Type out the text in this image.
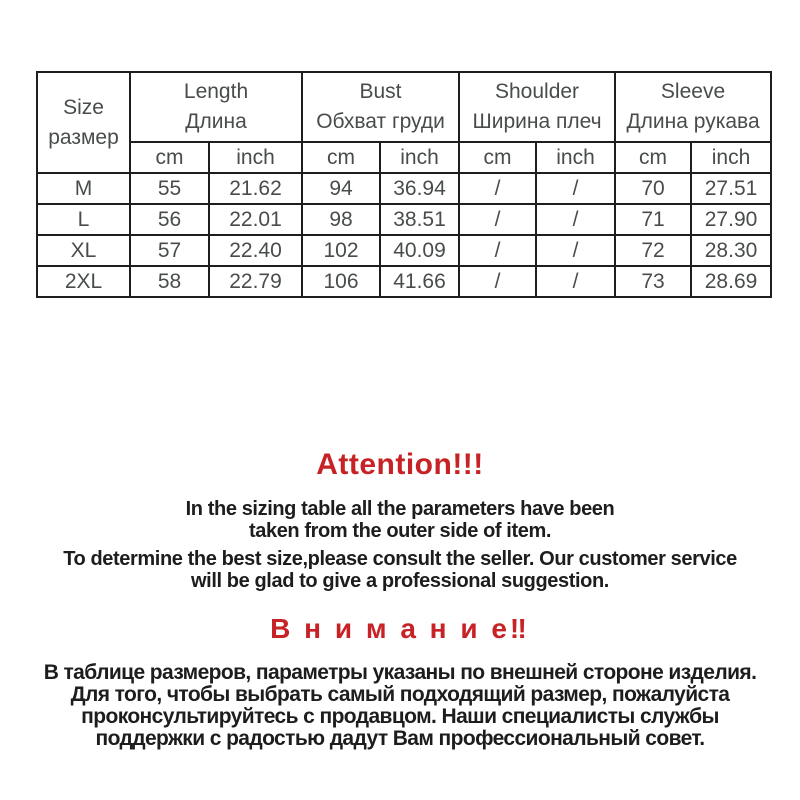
Size
размер

Length
Длина

Bust
Обхват груди

Shoulder
Ширина плеч

Sleeve
Длина рукава

	cm	inch	cm	inch	cm	inch	cm	inch
M	55	21.62	94	36.94	/	/	70	27.51
L	56	22.01	98	38.51	/	/	71	27.90
XL	57	22.40	102	40.09	/	/	72	28.30
2XL	58	22.79	106	41.66	/	/	73	28.69
Attention!!!

In the sizing table all the parameters have been
taken from the outer side of item.

To determine the best size,please consult the seller. Our customer service
will be glad to give a professional suggestion.

В н и м а н и е‼

В таблице размеров, параметры указаны по внешней стороне изделия.
Для того, чтобы выбрать самый подходящий размер, пожалуйста
проконсультируйтесь с продавцом. Наши специалисты службы
поддержки с радостью дадут Вам профессиональный совет.
